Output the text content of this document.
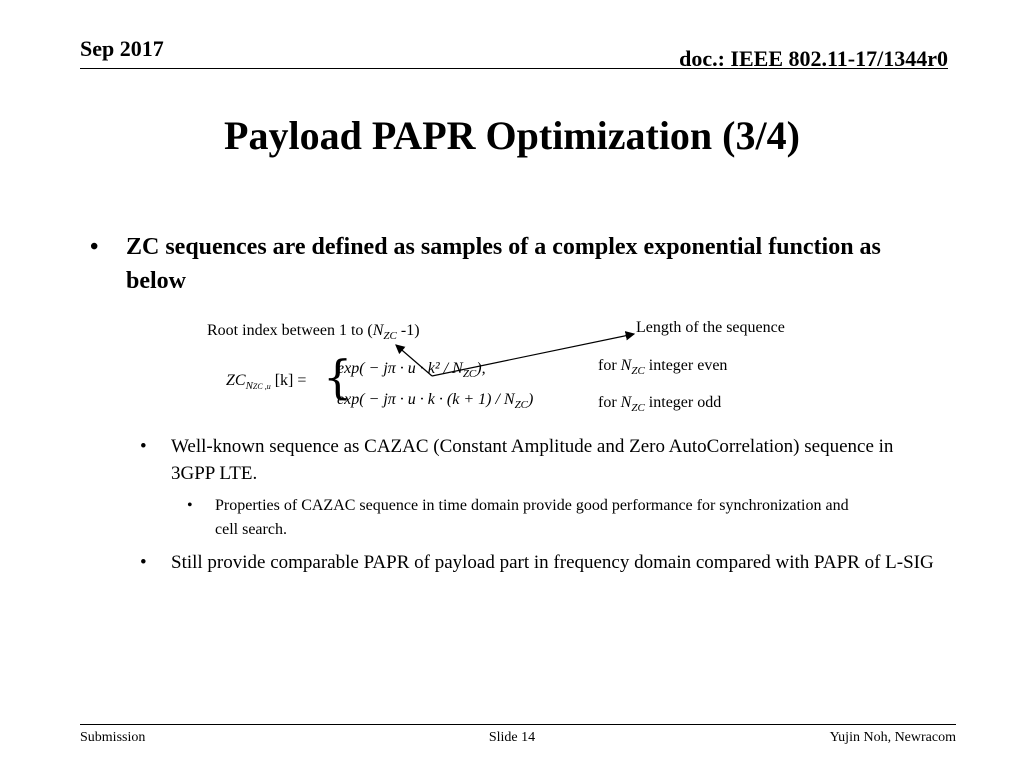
Sep 2017	doc.: IEEE 802.11-17/1344r0
Payload PAPR Optimization (3/4)
• ZC sequences are defined as samples of a complex exponential function as below
Root index between 1 to ($N_{ZC}$ -1)	Length of the sequence
$ZC_{NZC ,u}$ [k] = {
$\exp( - j\pi \cdot u \cdot k^2 / N_{ZC})$,
$\exp( - j\pi \cdot u \cdot k \cdot (k + 1) / N_{ZC})$
for $N_{ZC}$ integer even
for $N_{ZC}$ integer odd
• Well-known sequence as CAZAC (Constant Amplitude and Zero AutoCorrelation) sequence in 3GPP LTE.
• Properties of CAZAC sequence in time domain provide good performance for synchronization and cell search.
• Still provide comparable PAPR of payload part in frequency domain compared with PAPR of L-SIG
Submission	Slide 14	Yujin Noh, Newracom
